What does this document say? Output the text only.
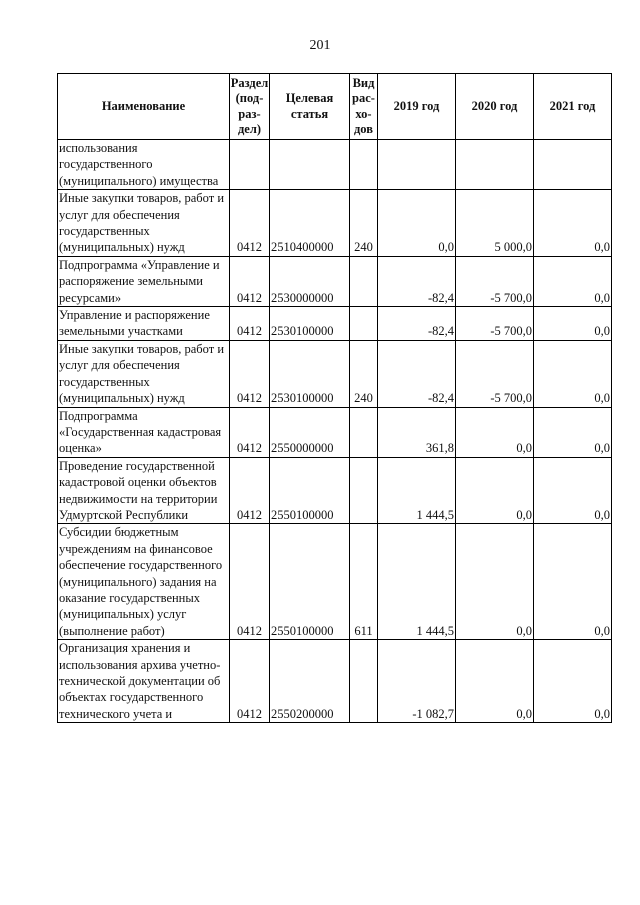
201
Наименование	Раздел (под-раз-дел)	Целевая статья	Вид рас-хо-дов	2019 год	2020 год	2021 год
использования государственного (муниципального) имущества						
Иные закупки товаров, работ и услуг для обеспечения государственных (муниципальных) нужд	0412	2510400000	240	0,0	5 000,0	0,0
Подпрограмма «Управление и распоряжение земельными ресурсами»	0412	2530000000		-82,4	-5 700,0	0,0
Управление и распоряжение земельными участками	0412	2530100000		-82,4	-5 700,0	0,0
Иные закупки товаров, работ и услуг для обеспечения государственных (муниципальных) нужд	0412	2530100000	240	-82,4	-5 700,0	0,0
Подпрограмма «Государственная кадастровая оценка»	0412	2550000000		361,8	0,0	0,0
Проведение государственной кадастровой оценки объектов недвижимости на территории Удмуртской Республики	0412	2550100000		1 444,5	0,0	0,0
Субсидии бюджетным учреждениям на финансовое обеспечение государственного (муниципального) задания на оказание государственных (муниципальных) услуг (выполнение работ)	0412	2550100000	611	1 444,5	0,0	0,0
Организация хранения и использования архива учетно-технической документации об объектах государственного технического учета и	0412	2550200000		-1 082,7	0,0	0,0
